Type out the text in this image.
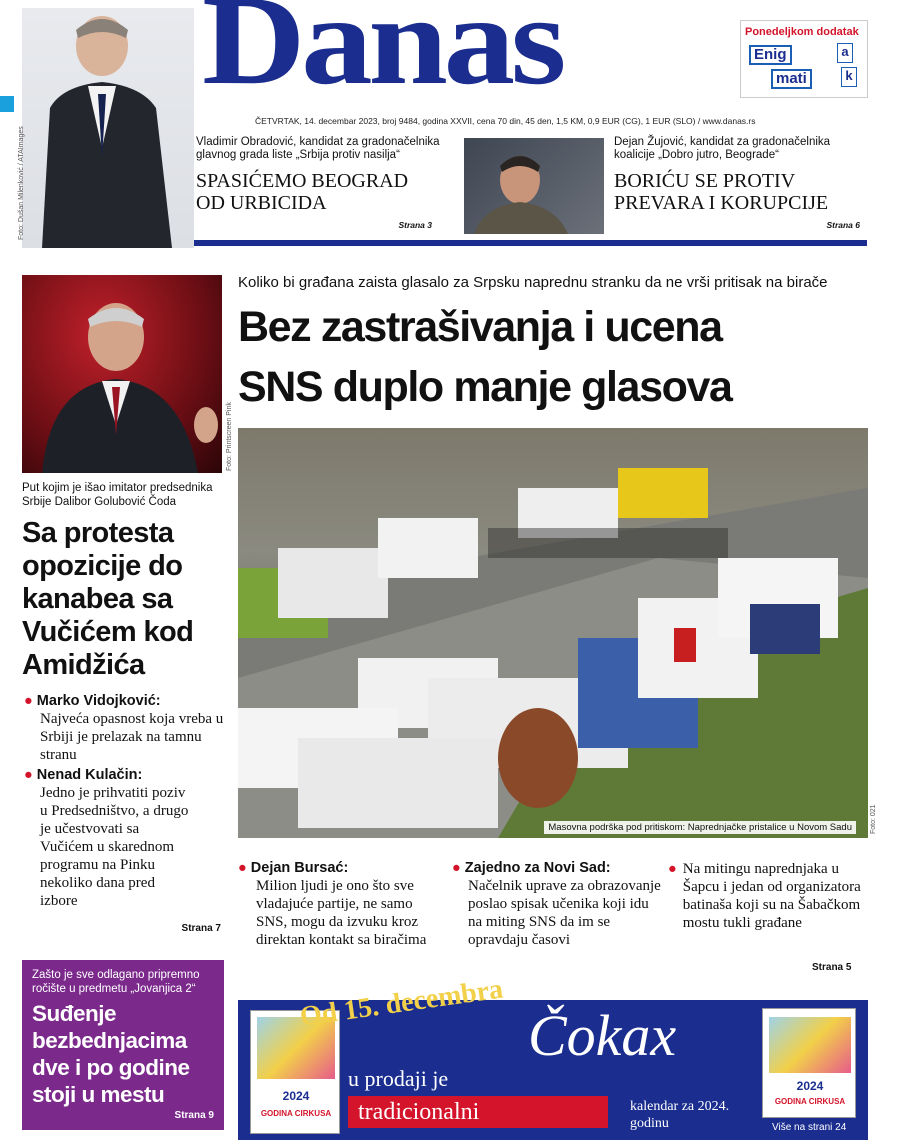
Danas
ČETVRTAK, 14. decembar 2023, broj 9484, godina XXVII, cena 70 din, 45 den, 1,5 KM, 0,9 EUR (CG), 1 EUR (SLO) / www.danas.rs
Ponedeljkom dodatak
Enig	a
mati	k
Foto: Dušan Milenković / ATAImages	Vladimir Obradović, kandidat za gradonačelnika glavnog grada liste „Srbija protiv nasilja“
SPASIĆEMO BEOGRAD OD URBICIDA
Strana 3
Dejan Žujović, kandidat za gradonačelnika koalicije „Dobro jutro, Beograde“
BORIĆU SE PROTIV PREVARA I KORUPCIJE
Strana 6
Foto: Printscreen Pink
Put kojim je išao imitator predsednika Srbije Dalibor Golubović Čoda
Sa protesta opozicije do kanabea sa Vučićem kod Amidžića
● Marko Vidojković:
Najveća opasnost koja vreba u Srbiji je prelazak na tamnu stranu
● Nenad Kulačin:
Jedno je prihvatiti poziv u Predsedništvo, a drugo je učestvovati sa Vučićem u skarednom programu na Pinku nekoliko dana pred izbore
Strana 7
Koliko bi građana zaista glasalo za Srpsku naprednu stranku da ne vrši pritisak na birače
Bez zastrašivanja i ucena
SNS duplo manje glasova
Masovna podrška pod pritiskom: Naprednjačke pristalice u Novom Sadu	Foto: 021
● Dejan Bursać:
Milion ljudi je ono što sve vladajuće partije, ne samo SNS, mogu da izvuku kroz direktan kontakt sa biračima
● Zajedno za Novi Sad:
Načelnik uprave za obrazovanje poslao spisak učenika koji idu na miting SNS da im se opravdaju časovi
● Na mitingu naprednjaka u Šapcu i jedan od organizatora batinaša koji su na Šabačkom mostu tukli građane
Strana 5
Zašto je sve odlagano pripremno ročište u predmetu „Jovanjica 2“
Suđenje bezbednjacima dve i po godine stoji u mestu
Strana 9
2024
GODINA CIRKUSA
Od 15. decembra Čokax
u prodaji je
tradicionalni	kalendar za 2024. godinu
2024
GODINA CIRKUSA
Više na strani 24
